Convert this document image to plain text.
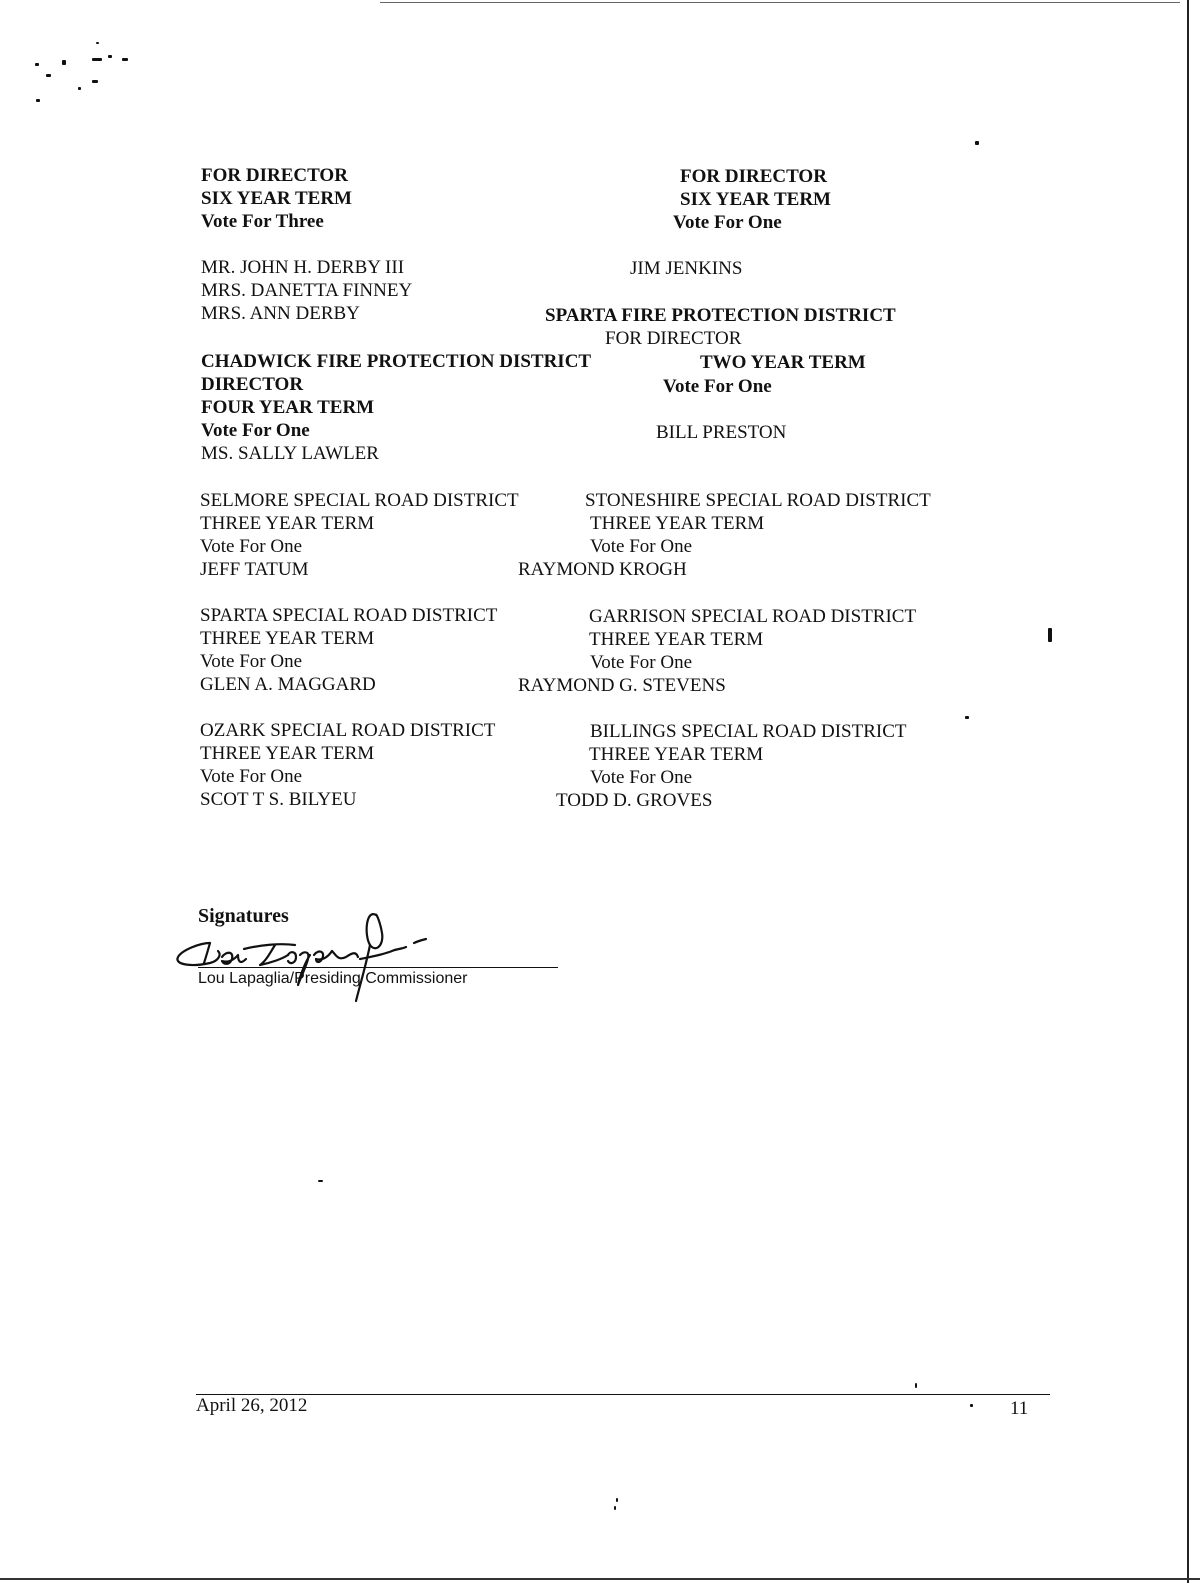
FOR DIRECTOR
SIX YEAR TERM
Vote For Three
MR. JOHN H. DERBY III
MRS. DANETTA FINNEY
MRS. ANN DERBY
FOR DIRECTOR
SIX YEAR TERM
Vote For One
JIM JENKINS
SPARTA FIRE PROTECTION DISTRICT
FOR DIRECTOR
TWO YEAR TERM
Vote For One
BILL PRESTON
CHADWICK FIRE PROTECTION DISTRICT
DIRECTOR
FOUR YEAR TERM
Vote For One
MS. SALLY LAWLER
SELMORE SPECIAL ROAD DISTRICT
THREE YEAR TERM
Vote For One
JEFF TATUM
STONESHIRE SPECIAL ROAD DISTRICT
THREE YEAR TERM
Vote For One
RAYMOND KROGH
SPARTA SPECIAL ROAD DISTRICT
THREE YEAR TERM
Vote For One
GLEN A. MAGGARD
GARRISON SPECIAL ROAD DISTRICT
THREE YEAR TERM
Vote For One
RAYMOND G. STEVENS
OZARK SPECIAL ROAD DISTRICT
THREE YEAR TERM
Vote For One
SCOT T S. BILYEU
BILLINGS SPECIAL ROAD DISTRICT
THREE YEAR TERM
Vote For One
TODD D. GROVES
Signatures
Lou Lapaglia/Presiding Commissioner
April 26, 2012	11
